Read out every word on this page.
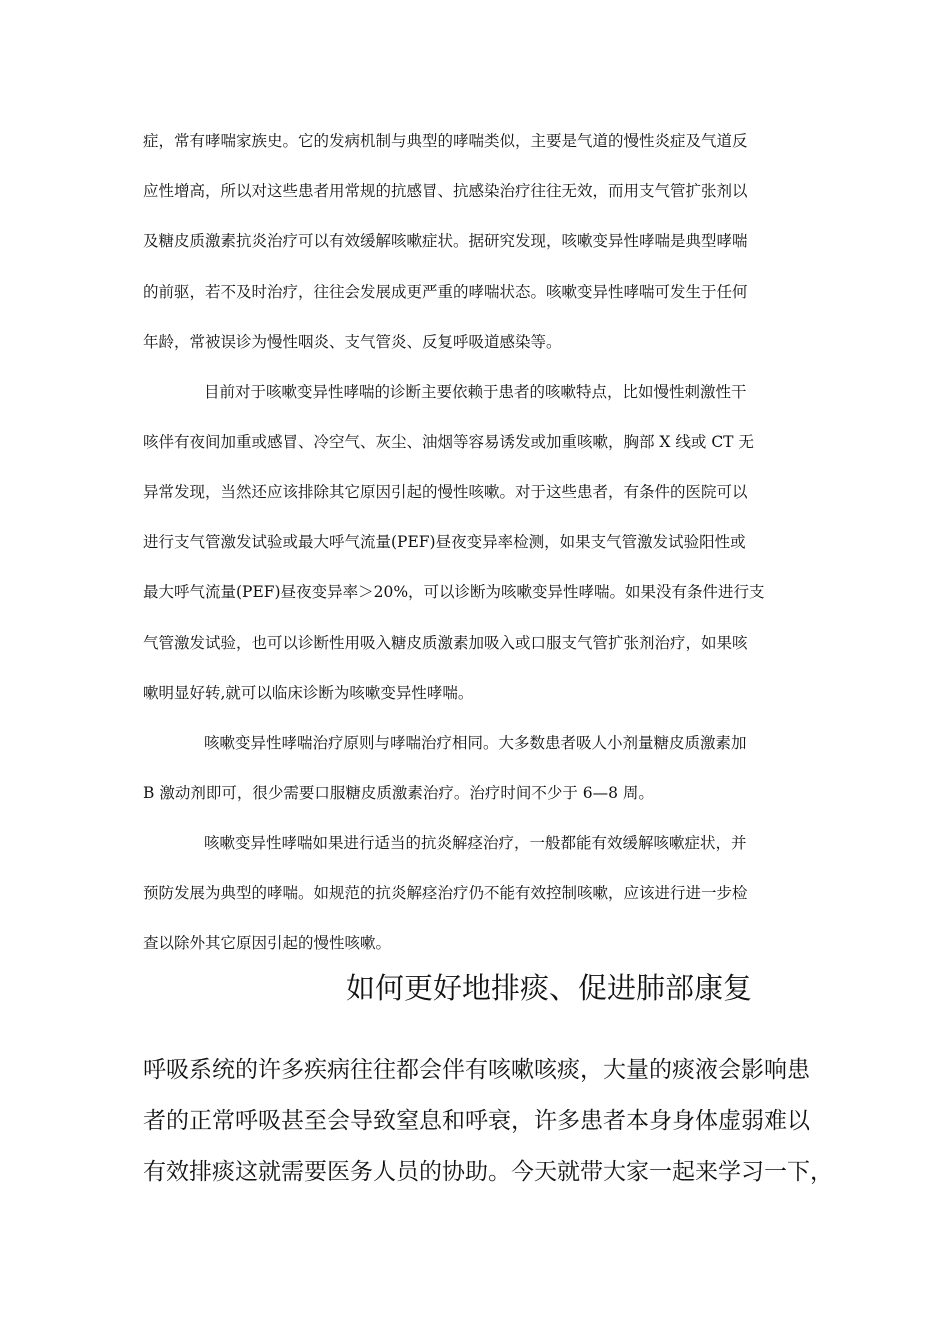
症，常有哮喘家族史。它的发病机制与典型的哮喘类似，主要是气道的慢性炎症及气道反
应性增高，所以对这些患者用常规的抗感冒、抗感染治疗往往无效，而用支气管扩张剂以
及糖皮质激素抗炎治疗可以有效缓解咳嗽症状。据研究发现，咳嗽变异性哮喘是典型哮喘
的前驱，若不及时治疗，往往会发展成更严重的哮喘状态。咳嗽变异性哮喘可发生于任何
年龄，常被误诊为慢性咽炎、支气管炎、反复呼吸道感染等。
目前对于咳嗽变异性哮喘的诊断主要依赖于患者的咳嗽特点，比如慢性刺激性干
咳伴有夜间加重或感冒、冷空气、灰尘、油烟等容易诱发或加重咳嗽，胸部 X 线或 CT 无
异常发现，当然还应该排除其它原因引起的慢性咳嗽。对于这些患者，有条件的医院可以
进行支气管激发试验或最大呼气流量(PEF)昼夜变异率检测，如果支气管激发试验阳性或
最大呼气流量(PEF)昼夜变异率＞20%，可以诊断为咳嗽变异性哮喘。如果没有条件进行支
气管激发试验，也可以诊断性用吸入糖皮质激素加吸入或口服支气管扩张剂治疗，如果咳
嗽明显好转,就可以临床诊断为咳嗽变异性哮喘。
咳嗽变异性哮喘治疗原则与哮喘治疗相同。大多数患者吸人小剂量糖皮质激素加
B 激动剂即可，很少需要口服糖皮质激素治疗。治疗时间不少于 6—8 周。
咳嗽变异性哮喘如果进行适当的抗炎解痉治疗，一般都能有效缓解咳嗽症状，并
预防发展为典型的哮喘。如规范的抗炎解痉治疗仍不能有效控制咳嗽，应该进行进一步检
查以除外其它原因引起的慢性咳嗽。
如何更好地排痰、促进肺部康复
呼吸系统的许多疾病往往都会伴有咳嗽咳痰，大量的痰液会影响患
者的正常呼吸甚至会导致窒息和呼衰，许多患者本身身体虚弱难以
有效排痰这就需要医务人员的协助。今天就带大家一起来学习一下，
